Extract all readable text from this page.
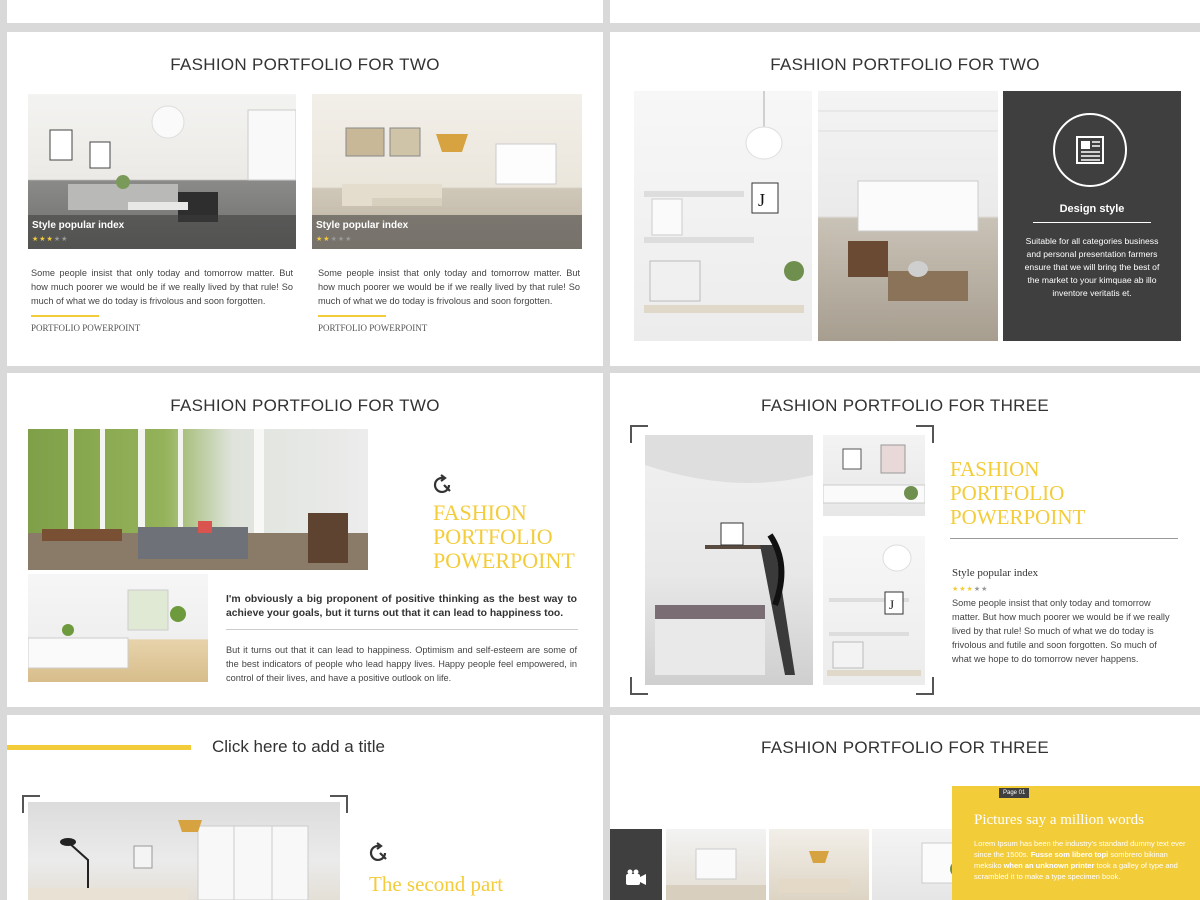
FASHION PORTFOLIO FOR TWO
Style popular index
★★★★★
Some people insist that only today and tomorrow matter. But how much poorer we would be if we really lived by that rule! So much of what we do today is frivolous and soon forgotten.
PORTFOLIO POWERPOINT
Style popular index
★★★★★
Some people insist that only today and tomorrow matter. But how much poorer we would be if we really lived by that rule! So much of what we do today is frivolous and soon forgotten.
PORTFOLIO POWERPOINT
FASHION PORTFOLIO FOR TWO
J	Design style
Suitable for all categories business and personal presentation farmers ensure that we will bring the best of the market to your kimquae ab illo inventore veritatis et.
FASHION PORTFOLIO FOR TWO
FASHION
PORTFOLIO
POWERPOINT
I'm obviously a big proponent of positive thinking as the best way to achieve your goals, but it turns out that it can lead to happiness too.
But it turns out that it can lead to happiness. Optimism and self-esteem are some of the best indicators of people who lead happy lives. Happy people feel empowered, in control of their lives, and have a positive outlook on life.
FASHION PORTFOLIO FOR THREE
J
FASHION
PORTFOLIO
POWERPOINT
Style popular index
★★★★★
Some people insist that only today and tomorrow matter. But how much poorer we would be if we really lived by that rule! So much of what we do today is frivolous and futile and soon forgotten. So much of what we hope to do tomorrow never happens.
Click here to add a title
The second part
FASHION PORTFOLIO FOR THREE
Page 01
Pictures say a million words
Lorem Ipsum has been the industry's standard dummy text ever since the 1500s. Fusse som libero topi sombrero bikinan meksiko when an unknown printer took a galley of type and scrambled it to make a type specimen book.
